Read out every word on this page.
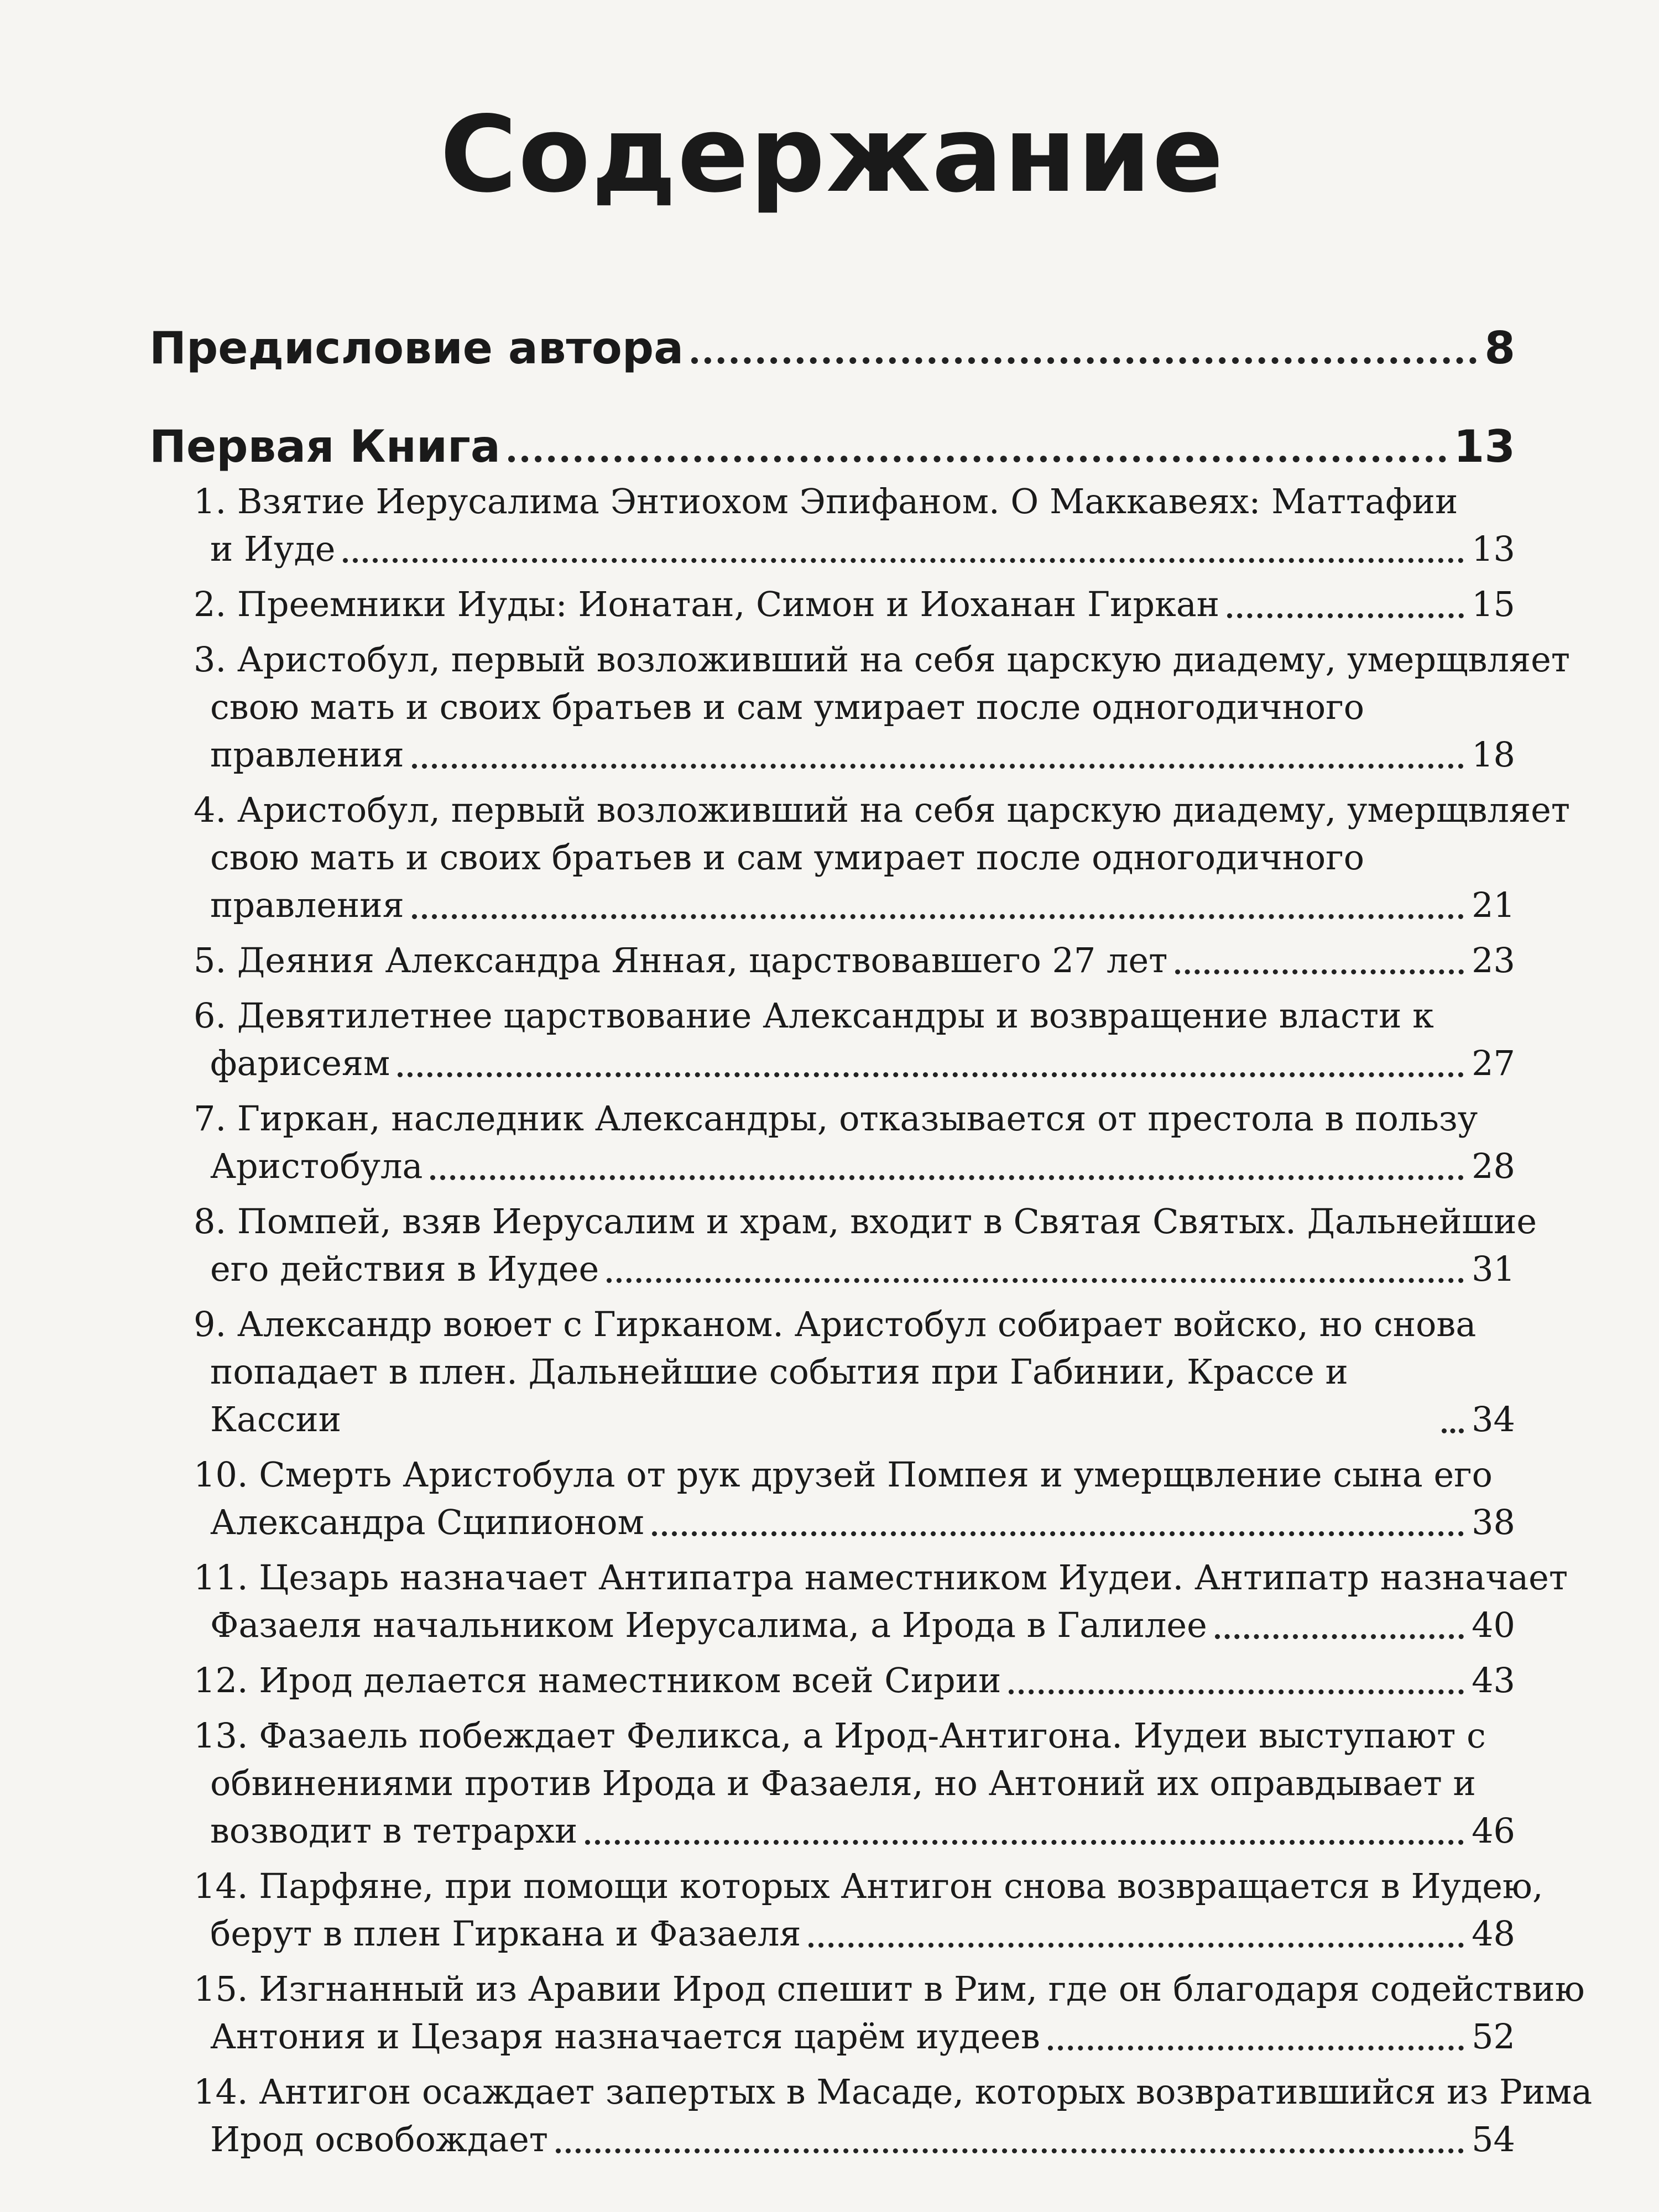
Содержание
Предисловие автора	8
Первая Книга	13
1. Взятие Иерусалима Энтиохом Эпифаном. О Маккавеях: Маттафии
и Иуде	13
2. Преемники Иуды: Ионатан, Симон и Иоханан Гиркан	15
3. Аристобул, первый возложивший на себя царскую диадему, умерщвляет
свою мать и своих братьев и сам умирает после одногодичного
правления	18
4. Аристобул, первый возложивший на себя царскую диадему, умерщвляет
свою мать и своих братьев и сам умирает после одногодичного
правления	21
5. Деяния Александра Янная, царствовавшего 27 лет	23
6. Девятилетнее царствование Александры и возвращение власти к
фарисеям	27
7. Гиркан, наследник Александры, отказывается от престола в пользу
Аристобула	28
8. Помпей, взяв Иерусалим и храм, входит в Святая Святых. Дальнейшие
его действия в Иудее	31
9. Александр воюет с Гирканом. Аристобул собирает войско, но снова
попадает в плен. Дальнейшие события при Габинии, Крассе и Кассии	34
10. Смерть Аристобула от рук друзей Помпея и умерщвление сына его
Александра Сципионом	38
11. Цезарь назначает Антипатра наместником Иудеи. Антипатр назначает
Фазаеля начальником Иерусалима, а Ирода в Галилее	40
12. Ирод делается наместником всей Сирии	43
13. Фазаель побеждает Феликса, а Ирод-Антигона. Иудеи выступают с
обвинениями против Ирода и Фазаеля, но Антоний их оправдывает и
возводит в тетрархи	46
14. Парфяне, при помощи которых Антигон снова возвращается в Иудею,
берут в плен Гиркана и Фазаеля	48
15. Изгнанный из Аравии Ирод спешит в Рим, где он благодаря содействию
Антония и Цезаря назначается царём иудеев	52
14. Антигон осаждает запертых в Масаде, которых возвратившийся из Рима
Ирод освобождает	54
